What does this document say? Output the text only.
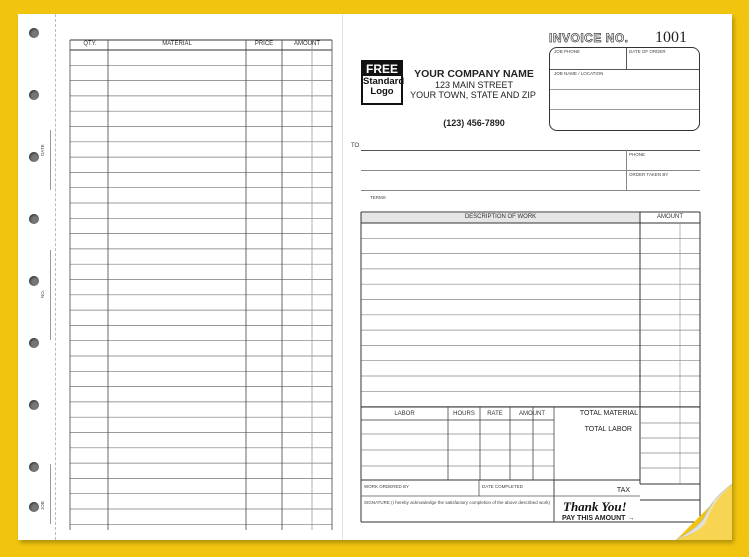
DATE
NO.
JOB
QTY.	MATERIAL	PRICE	AMOUNT	INVOICE NO. 1001
FREE
Standard
Logo
YOUR COMPANY NAME
123 MAIN STREET
YOUR TOWN, STATE AND ZIP
(123) 456-7890
JOB PHONE	DATE OF ORDER
JOB NAME / LOCATION
TO
PHONE
ORDER TAKEN BY
TERMS
DESCRIPTION OF WORK	AMOUNT
LABOR	HOURS	RATE	AMOUNT	TOTAL MATERIAL
TOTAL LABOR
TAX
WORK ORDERED BY	DATE COMPLETED
SIGNATURE (I hereby acknowledge the satisfactory completion of the above described work) Thank You!
PAY THIS AMOUNT →
